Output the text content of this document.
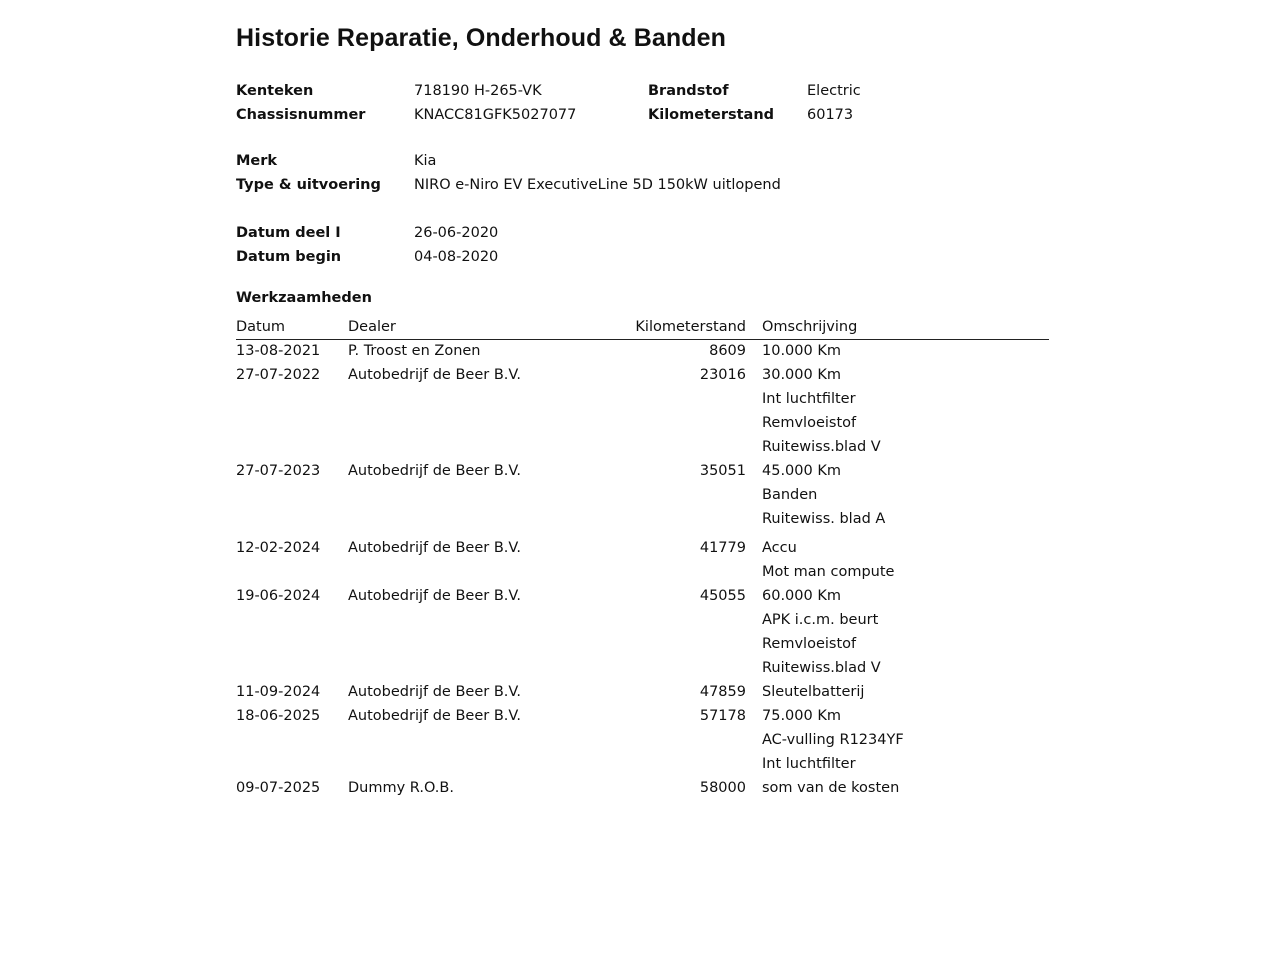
Historie Reparatie, Onderhoud & Banden
Kenteken	718190 H-265-VK	Brandstof	Electric
Chassisnummer	KNACC81GFK5027077	Kilometerstand 60173
Merk	Kia
Type & uitvoering NIRO e-Niro EV ExecutiveLine 5D 150kW uitlopend
Datum deel I	26-06-2020
Datum begin	04-08-2020
Werkzaamheden
Datum	Dealer	Kilometerstand Omschrijving
13-08-2021 P. Troost en Zonen	8609 10.000 Km
27-07-2022 Autobedrijf de Beer B.V.	23016 30.000 Km
Int luchtfilter
Remvloeistof
Ruitewiss.blad V
27-07-2023 Autobedrijf de Beer B.V.	35051 45.000 Km
Banden
Ruitewiss. blad A
12-02-2024 Autobedrijf de Beer B.V.	41779 Accu
Mot man compute
19-06-2024 Autobedrijf de Beer B.V.	45055 60.000 Km
APK i.c.m. beurt
Remvloeistof
Ruitewiss.blad V
11-09-2024 Autobedrijf de Beer B.V.	47859 Sleutelbatterij
18-06-2025 Autobedrijf de Beer B.V.	57178 75.000 Km
AC-vulling R1234YF
Int luchtfilter
09-07-2025 Dummy R.O.B.	58000 som van de kosten
